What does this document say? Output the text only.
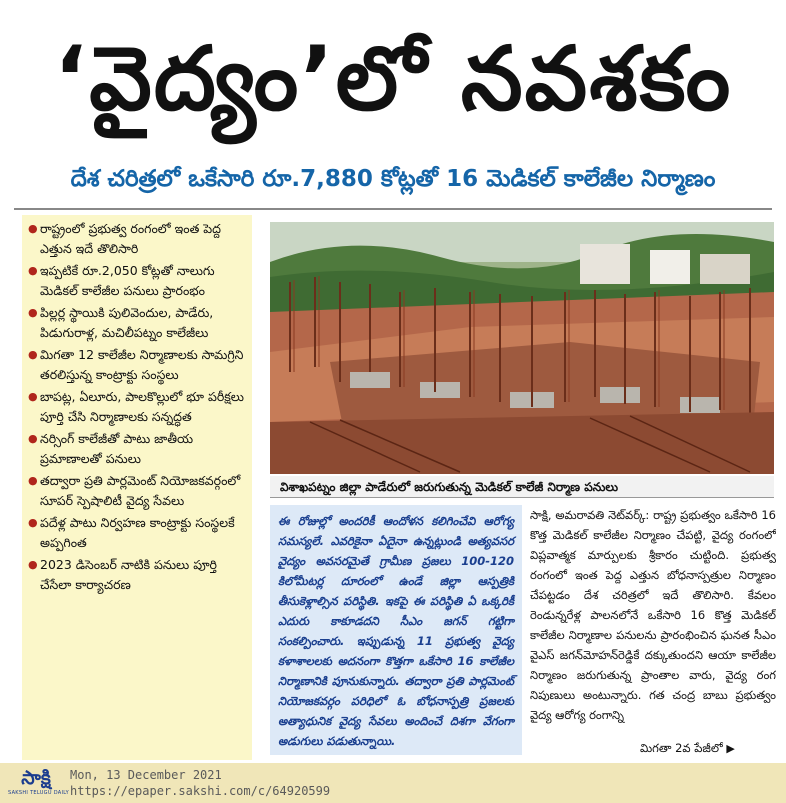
‘వైద్యం’లో నవశకం
దేశ చరిత్రలో ఒకేసారి రూ.7,880 కోట్లతో 16 మెడికల్‌ కాలేజీల నిర్మాణం
● రాష్ట్రంలో ప్రభుత్వ రంగంలో ఇంత పెద్ద ఎత్తున ఇదే తొలిసారి
● ఇప్పటికే రూ.2,050 కోట్లతో నాలుగు మెడికల్‌ కాలేజీల పనులు ప్రారంభం
● పిల్లర్ల స్థాయికి పులివెందుల, పాడేరు, పిడుగురాళ్ల, మచిలీపట్నం కాలేజీలు
● మిగతా 12 కాలేజీల నిర్మాణాలకు సామగ్రిని తరలిస్తున్న కాంట్రాక్టు సంస్థలు
● బాపట్ల, ఏలూరు, పాలకొల్లులో భూ పరీక్షలు పూర్తి చేసి నిర్మాణాలకు సన్నద్ధత
● నర్సింగ్‌ కాలేజీతో పాటు జాతీయ ప్రమాణాలతో పనులు
● తద్వారా ప్రతి పార్లమెంట్‌ నియోజకవర్గంలో సూపర్‌ స్పెషాలిటీ వైద్య సేవలు
● పదేళ్ల పాటు నిర్వహణ కాంట్రాక్టు సంస్థలకే అప్పగింత
● 2023 డిసెంబర్‌ నాటికి పనులు పూర్తి చేసేలా కార్యాచరణ
విశాఖపట్నం జిల్లా పాడేరులో జరుగుతున్న మెడికల్‌ కాలేజీ నిర్మాణ పనులు
ఈ రోజుల్లో అందరికీ ఆందోళన కలిగించేవి ఆరోగ్య సమస్యలే. ఎవరికైనా ఏదైనా ఉన్నట్లుండి అత్యవసర వైద్యం అవసరమైతే గ్రామీణ ప్రజలు 100-120 కిలోమీటర్ల దూరంలో ఉండే జిల్లా ఆస్పత్రికి తీసుకెళ్లాల్సిన పరిస్థితి. ఇకపై ఈ పరిస్థితి ఏ ఒక్కరికీ ఎదురు కాకూడదని సీఎం జగన్‌ గట్టిగా సంకల్పించారు. ఇప్పుడున్న 11 ప్రభుత్వ వైద్య కళాశాలలకు అదనంగా కొత్తగా ఒకేసారి 16 కాలేజీల నిర్మాణానికి పూనుకున్నారు. తద్వారా ప్రతి పార్లమెంట్‌ నియోజకవర్గం పరిధిలో ఓ బోధనాస్పత్రి ప్రజలకు అత్యాధునిక వైద్య సేవలు అందించే దిశగా వేగంగా అడుగులు పడుతున్నాయి.
సాక్షి, అమరావతి నెట్‌వర్క్‌: రాష్ట్ర ప్రభుత్వం ఒకేసారి 16 కొత్త మెడికల్‌ కాలేజీల నిర్మాణం చేపట్టి, వైద్య రంగంలో విప్లవాత్మక మార్పులకు శ్రీకారం చుట్టింది. ప్రభుత్వ రంగంలో ఇంత పెద్ద ఎత్తున బోధనాస్పత్రుల నిర్మాణం చేపట్టడం దేశ చరిత్రలో ఇదే తొలిసారి. కేవలం రెండున్నరేళ్ల పాలనలోనే ఒకేసారి 16 కొత్త మెడికల్‌ కాలేజీల నిర్మాణాల పనులను ప్రారంభించిన ఘనత సీఎం వైఎస్‌ జగన్‌మోహన్‌రెడ్డికే దక్కుతుందని ఆయా కాలేజీల నిర్మాణం జరుగుతున్న ప్రాంతాల వారు, వైద్య రంగ నిపుణులు అంటున్నారు. గత చంద్ర బాబు ప్రభుత్వం వైద్య ఆరోగ్య రంగాన్ని
మిగతా 2వ పేజీలో ▶
సాక్షి
SAKSHI TELUGU DAILY
Mon, 13 December 2021
https://epaper.sakshi.com/c/64920599
